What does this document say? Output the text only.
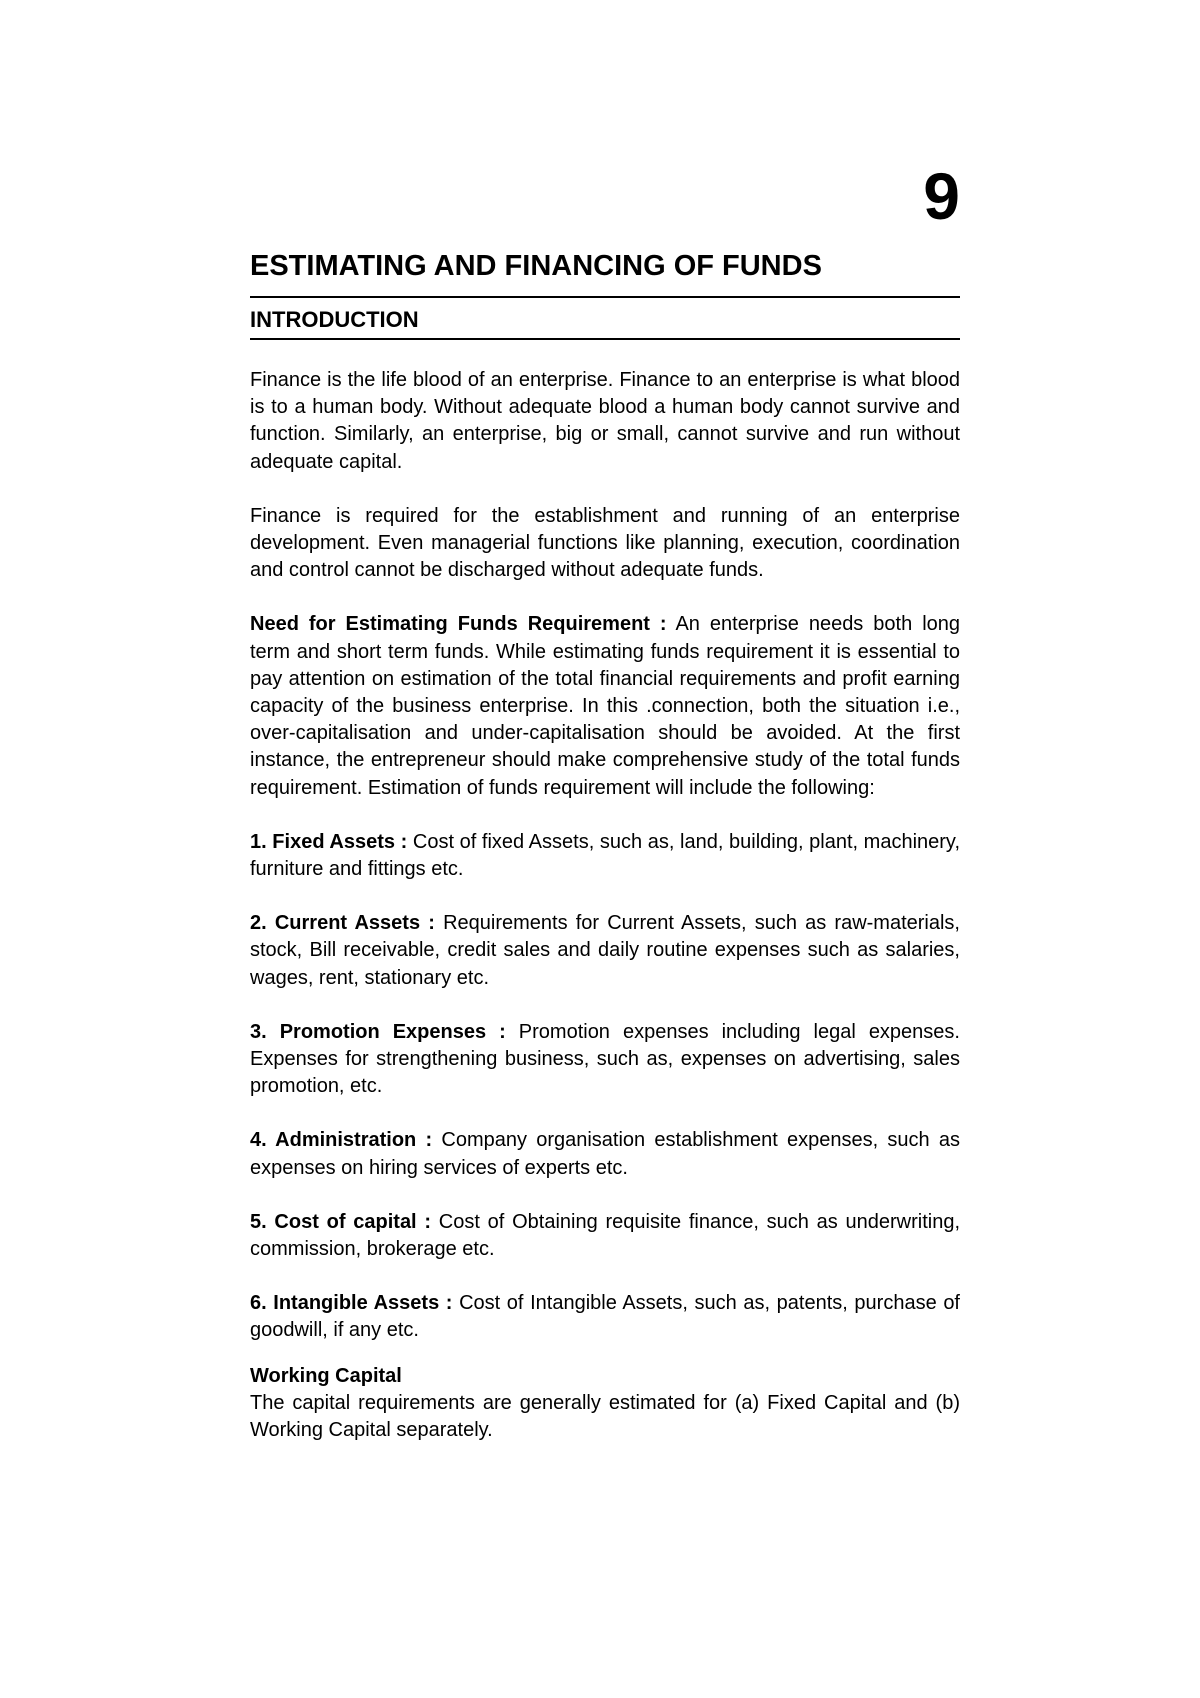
9
ESTIMATING AND FINANCING OF FUNDS
INTRODUCTION

Finance is the life blood of an enterprise. Finance to an enterprise is what blood is to a human body. Without adequate blood a human body cannot survive and function. Similarly, an enterprise, big or small, cannot survive and run without adequate capital.

Finance is required for the establishment and running of an enterprise development. Even managerial functions like planning, execution, coordination and control cannot be discharged without adequate funds.

Need for Estimating Funds Requirement : An enterprise needs both long term and short term funds. While estimating funds requirement it is essential to pay attention on estimation of the total financial requirements and profit earning capacity of the business enterprise. In this .connection, both the situation i.e., over-capitalisation and under-capitalisation should be avoided. At the first instance, the entrepreneur should make comprehensive study of the total funds requirement. Estimation of funds requirement will include the following:

1. Fixed Assets : Cost of fixed Assets, such as, land, building, plant, machinery, furniture and fittings etc.

2. Current Assets : Requirements for Current Assets, such as raw-materials, stock, Bill receivable, credit sales and daily routine expenses such as salaries, wages, rent, stationary etc.

3. Promotion Expenses : Promotion expenses including legal expenses. Expenses for strengthening business, such as, expenses on advertising, sales promotion, etc.

4. Administration : Company organisation establishment expenses, such as expenses on hiring services of experts etc.

5. Cost of capital : Cost of Obtaining requisite finance, such as underwriting, commission, brokerage etc.

6. Intangible Assets : Cost of Intangible Assets, such as, patents, purchase of goodwill, if any etc.

Working Capital

The capital requirements are generally estimated for (a) Fixed Capital and (b) Working Capital separately.
